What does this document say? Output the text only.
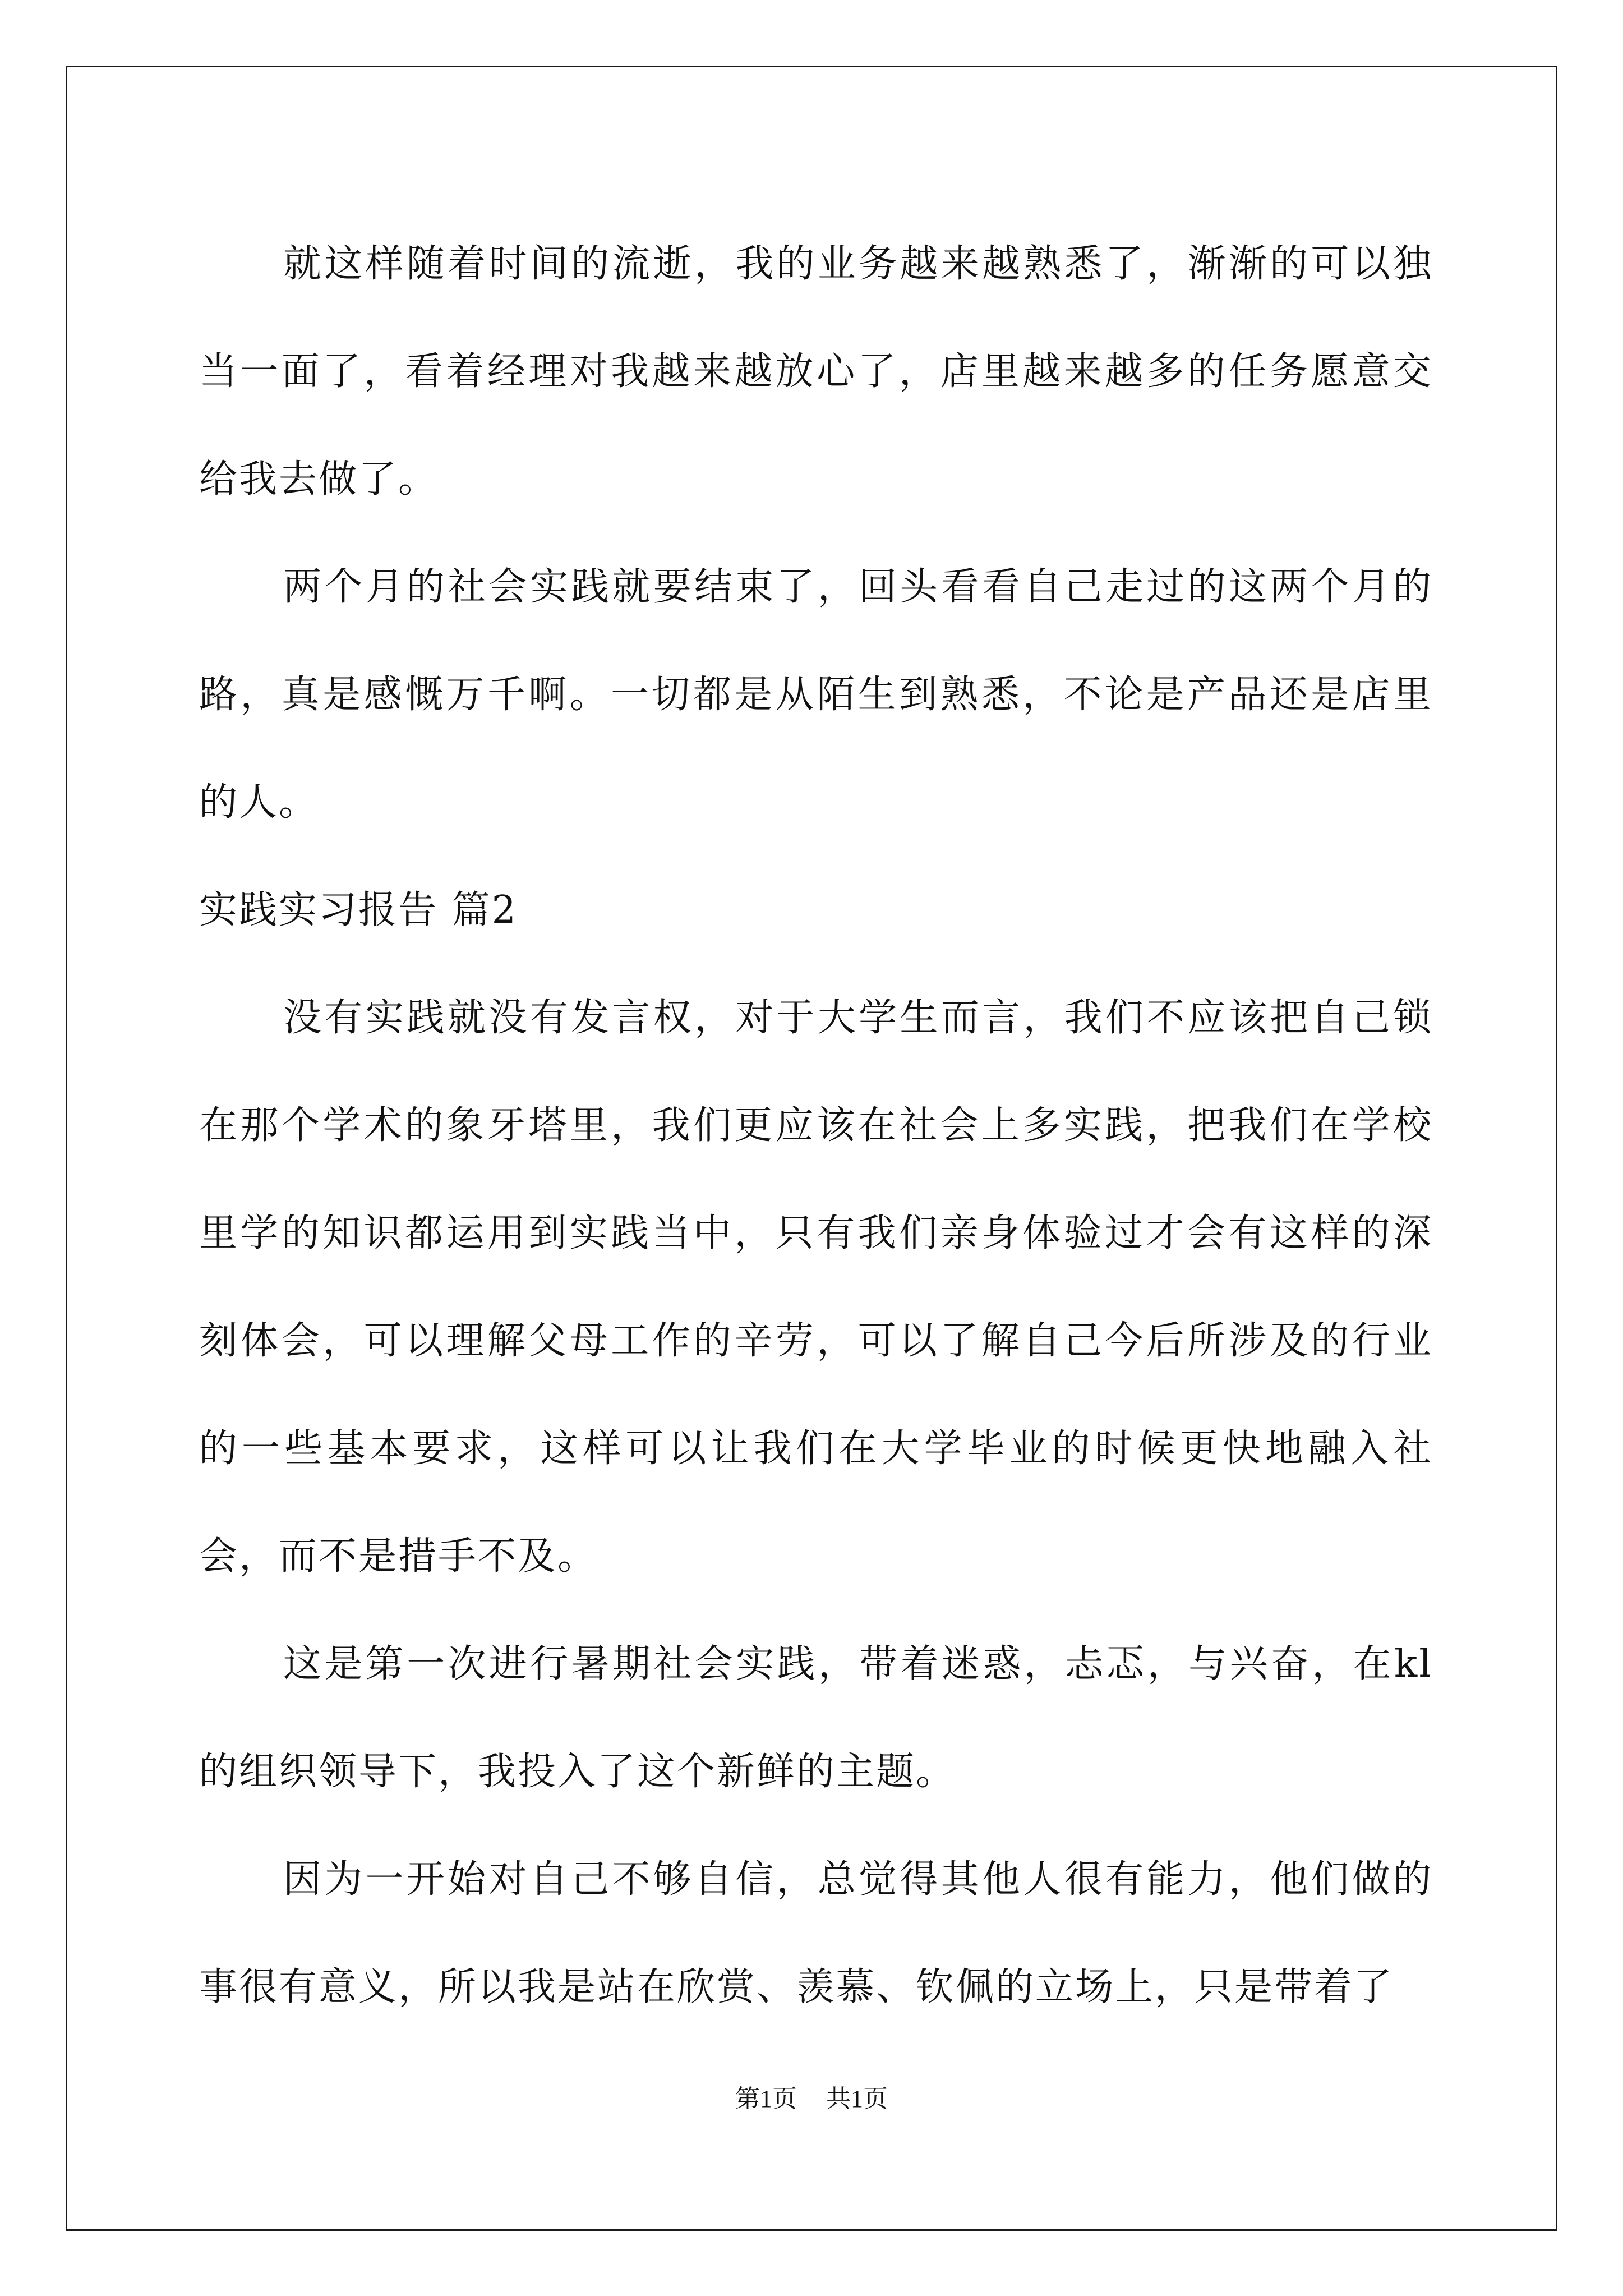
就这样随着时间的流逝，我的业务越来越熟悉了，渐渐的可以独当一面了，看着经理对我越来越放心了，店里越来越多的任务愿意交给我去做了。

两个月的社会实践就要结束了，回头看看自己走过的这两个月的路，真是感慨万千啊。一切都是从陌生到熟悉，不论是产品还是店里的人。

实践实习报告 篇2

没有实践就没有发言权，对于大学生而言，我们不应该把自己锁在那个学术的象牙塔里，我们更应该在社会上多实践，把我们在学校里学的知识都运用到实践当中，只有我们亲身体验过才会有这样的深刻体会，可以理解父母工作的辛劳，可以了解自己今后所涉及的行业的一些基本要求，这样可以让我们在大学毕业的时候更快地融入社会，而不是措手不及。

这是第一次进行暑期社会实践，带着迷惑，忐忑，与兴奋，在kl的组织领导下，我投入了这个新鲜的主题。

因为一开始对自己不够自信，总觉得其他人很有能力，他们做的事很有意义，所以我是站在欣赏、羡慕、钦佩的立场上，只是带着了

第1页 共1页
